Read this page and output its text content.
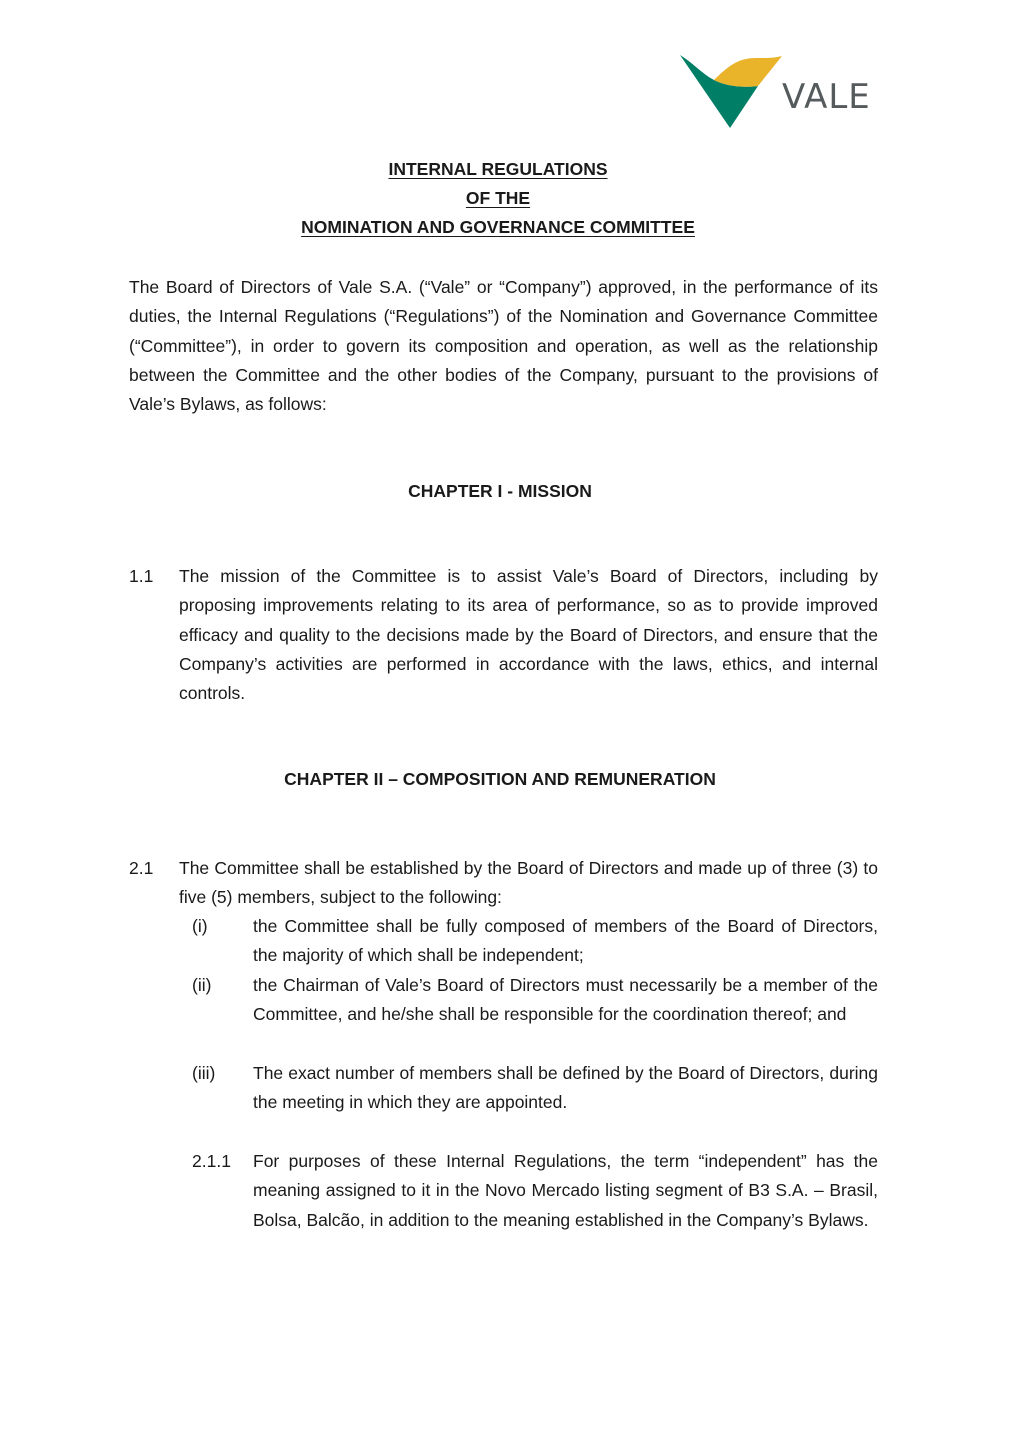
VALE
INTERNAL REGULATIONS
OF THE
NOMINATION AND GOVERNANCE COMMITTEE

The Board of Directors of Vale S.A. (“Vale” or “Company”) approved, in the performance of its duties, the Internal Regulations (“Regulations”) of the Nomination and Governance Committee (“Committee”), in order to govern its composition and operation, as well as the relationship between the Committee and the other bodies of the Company, pursuant to the provisions of Vale’s Bylaws, as follows:

CHAPTER I - MISSION
1.1 The mission of the Committee is to assist Vale’s Board of Directors, including by proposing improvements relating to its area of performance, so as to provide improved efficacy and quality to the decisions made by the Board of Directors, and ensure that the Company’s activities are performed in accordance with the laws, ethics, and internal controls.

CHAPTER II – COMPOSITION AND REMUNERATION
2.1 The Committee shall be established by the Board of Directors and made up of three (3) to five (5) members, subject to the following:

(i)	the Committee shall be fully composed of members of the Board of Directors, the majority of which shall be independent;

(ii) the Chairman of Vale’s Board of Directors must necessarily be a member of the Committee, and he/she shall be responsible for the coordination thereof; and

(iii) The exact number of members shall be defined by the Board of Directors, during the meeting in which they are appointed.

2.1.1 For purposes of these Internal Regulations, the term “independent” has the meaning assigned to it in the Novo Mercado listing segment of B3 S.A. – Brasil, Bolsa, Balcão, in addition to the meaning established in the Company’s Bylaws.
